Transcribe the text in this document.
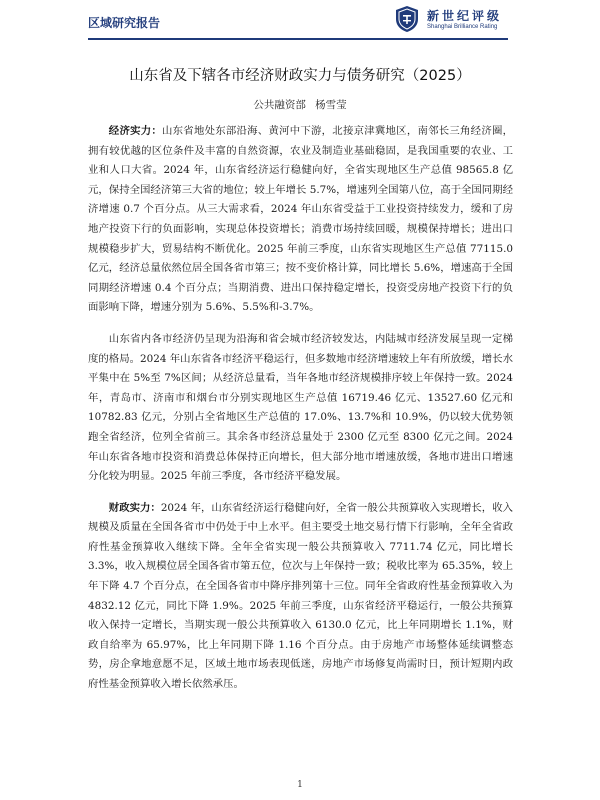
区域研究报告	新世纪评级
Shanghai Brilliance Rating
山东省及下辖各市经济财政实力与债务研究（2025）
公共融资部 杨雪莹

经济实力：山东省地处东部沿海、黄河中下游，北接京津冀地区，南邻长三角经济圈，拥有较优越的区位条件及丰富的自然资源，农业及制造业基础稳固，是我国重要的农业、工业和人口大省。2024 年，山东省经济运行稳健向好，全省实现地区生产总值 98565.8 亿元，保持全国经济第三大省的地位；较上年增长 5.7%，增速列全国第八位，高于全国同期经济增速 0.7 个百分点。从三大需求看，2024 年山东省受益于工业投资持续发力，缓和了房地产投资下行的负面影响，实现总体投资增长；消费市场持续回暖，规模保持增长；进出口规模稳步扩大，贸易结构不断优化。2025 年前三季度，山东省实现地区生产总值 77115.0 亿元，经济总量依然位居全国各省市第三；按不变价格计算，同比增长 5.6%，增速高于全国同期经济增速 0.4 个百分点；当期消费、进出口保持稳定增长，投资受房地产投资下行的负面影响下降，增速分别为 5.6%、5.5%和-3.7%。

山东省内各市经济仍呈现为沿海和省会城市经济较发达，内陆城市经济发展呈现一定梯度的格局。2024 年山东省各市经济平稳运行，但多数地市经济增速较上年有所放缓，增长水平集中在 5%至 7%区间；从经济总量看，当年各地市经济规模排序较上年保持一致。2024 年，青岛市、济南市和烟台市分别实现地区生产总值 16719.46 亿元、13527.60 亿元和 10782.83 亿元，分别占全省地区生产总值的 17.0%、13.7%和 10.9%，仍以较大优势领跑全省经济，位列全省前三。其余各市经济总量处于 2300 亿元至 8300 亿元之间。2024 年山东省各地市投资和消费总体保持正向增长，但大部分地市增速放缓，各地市进出口增速分化较为明显。2025 年前三季度，各市经济平稳发展。

财政实力：2024 年，山东省经济运行稳健向好，全省一般公共预算收入实现增长，收入规模及质量在全国各省市中仍处于中上水平。但主要受土地交易行情下行影响，全年全省政府性基金预算收入继续下降。全年全省实现一般公共预算收入 7711.74 亿元，同比增长 3.3%，收入规模位居全国各省市第五位，位次与上年保持一致；税收比率为 65.35%，较上年下降 4.7 个百分点，在全国各省市中降序排列第十三位。同年全省政府性基金预算收入为 4832.12 亿元，同比下降 1.9%。2025 年前三季度，山东省经济平稳运行，一般公共预算收入保持一定增长，当期实现一般公共预算收入 6130.0 亿元，比上年同期增长 1.1%，财政自给率为 65.97%，比上年同期下降 1.16 个百分点。由于房地产市场整体延续调整态势，房企拿地意愿不足，区域土地市场表现低迷，房地产市场修复尚需时日，预计短期内政府性基金预算收入增长依然承压。

1
